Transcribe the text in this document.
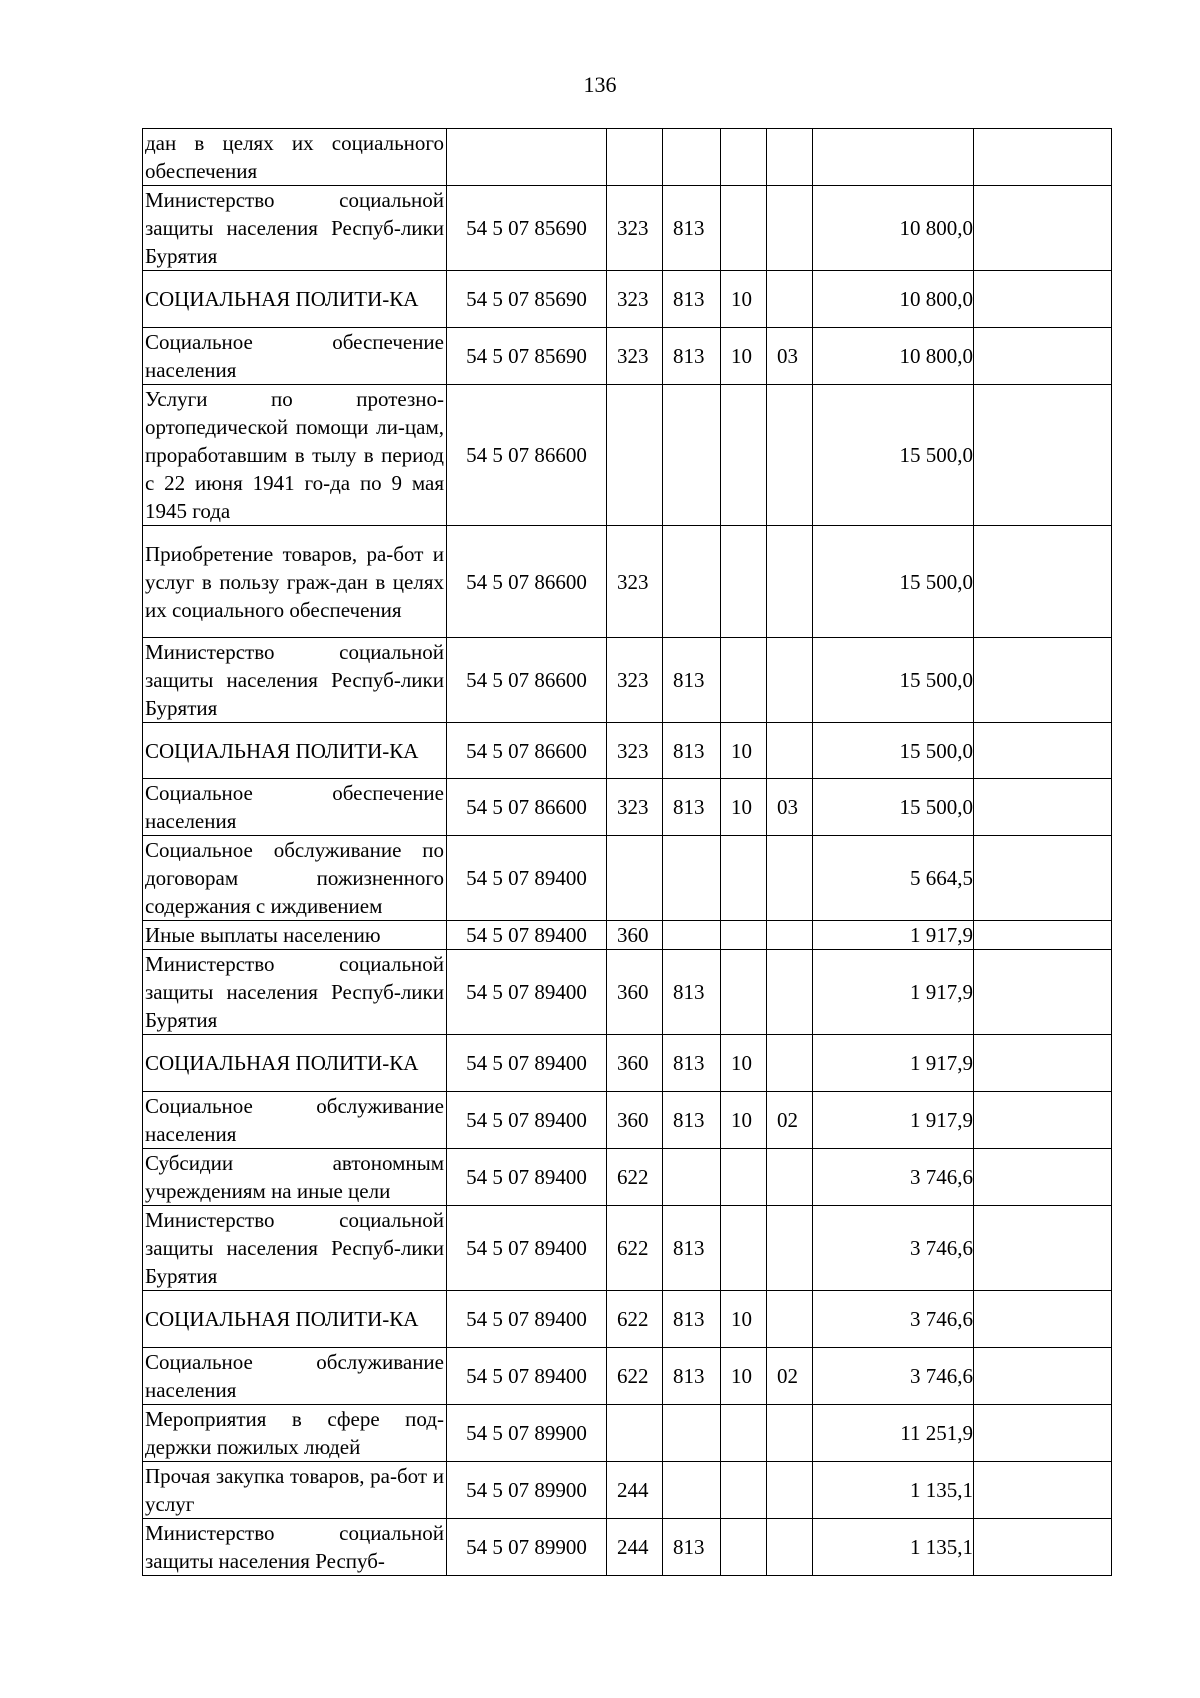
136
дан в целях их социального обеспечения							
Министерство социальной защиты населения Респуб-лики Бурятия	54 5 07 85690	323	813			10 800,0	
СОЦИАЛЬНАЯ ПОЛИТИ-КА	54 5 07 85690	323	813	10		10 800,0	
Социальное обеспечение населения	54 5 07 85690	323	813	10	03	10 800,0	
Услуги по протезно-ортопедической помощи ли-цам, проработавшим в тылу в период с 22 июня 1941 го-да по 9 мая 1945 года	54 5 07 86600					15 500,0	
Приобретение товаров, ра-бот и услуг в пользу граж-дан в целях их социального обеспечения	54 5 07 86600	323				15 500,0	
Министерство социальной защиты населения Респуб-лики Бурятия	54 5 07 86600	323	813			15 500,0	
СОЦИАЛЬНАЯ ПОЛИТИ-КА	54 5 07 86600	323	813	10		15 500,0	
Социальное обеспечение населения	54 5 07 86600	323	813	10	03	15 500,0	
Социальное обслуживание по договорам пожизненного содержания с иждивением	54 5 07 89400					5 664,5	
Иные выплаты населению	54 5 07 89400	360				1 917,9	
Министерство социальной защиты населения Респуб-лики Бурятия	54 5 07 89400	360	813			1 917,9	
СОЦИАЛЬНАЯ ПОЛИТИ-КА	54 5 07 89400	360	813	10		1 917,9	
Социальное обслуживание населения	54 5 07 89400	360	813	10	02	1 917,9	
Субсидии автономным учреждениям на иные цели	54 5 07 89400	622				3 746,6	
Министерство социальной защиты населения Респуб-лики Бурятия	54 5 07 89400	622	813			3 746,6	
СОЦИАЛЬНАЯ ПОЛИТИ-КА	54 5 07 89400	622	813	10		3 746,6	
Социальное обслуживание населения	54 5 07 89400	622	813	10	02	3 746,6	
Мероприятия в сфере под-держки пожилых людей	54 5 07 89900					11 251,9	
Прочая закупка товаров, ра-бот и услуг	54 5 07 89900	244				1 135,1	
Министерство социальной защиты населения Респуб-	54 5 07 89900	244	813			1 135,1	
